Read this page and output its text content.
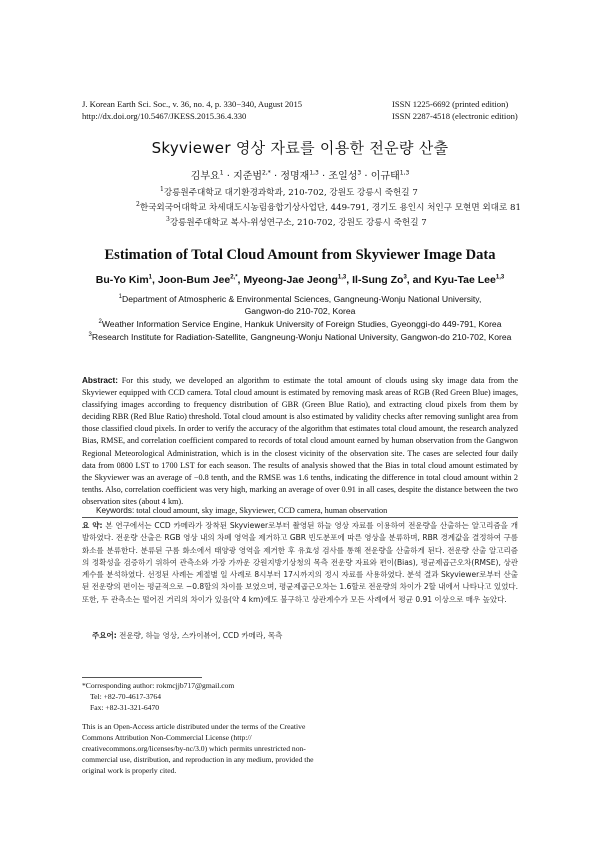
J. Korean Earth Sci. Soc., v. 36, no. 4, p. 330−340, August 2015
http://dx.doi.org/10.5467/JKESS.2015.36.4.330
ISSN 1225-6692 (printed edition)
ISSN 2287-4518 (electronic edition)
Skyviewer 영상 자료를 이용한 전운량 산출
김부요$^1$ · 지준범$^{2,*}$ · 정명재$^{1,3}$ · 조일성$^3$ · 이규태$^{1,3}$
$^1$강릉원주대학교 대기환경과학과, 210-702, 강원도 강릉시 죽헌길 7
$^2$한국외국어대학교 차세대도시농림융합기상사업단, 449-791, 경기도 용인시 처인구 모현면 외대로 81
$^3$강릉원주대학교 복사-위성연구소, 210-702, 강원도 강릉시 죽헌길 7
Estimation of Total Cloud Amount from Skyviewer Image Data
Bu-Yo Kim$^1$, Joon-Bum Jee$^{2,*}$, Myeong-Jae Jeong$^{1,3}$, Il-Sung Zo$^3$, and Kyu-Tae Lee$^{1,3}$
$^1$Department of Atmospheric & Environmental Sciences, Gangneung-Wonju National University,
Gangwon-do 210-702, Korea
$^2$Weather Information Service Engine, Hankuk University of Foreign Studies, Gyeonggi-do 449-791, Korea
$^3$Research Institute for Radiation-Satellite, Gangneung-Wonju National University, Gangwon-do 210-702, Korea
Abstract: For this study, we developed an algorithm to estimate the total amount of clouds using sky image data from the Skyviewer equipped with CCD camera. Total cloud amount is estimated by removing mask areas of RGB (Red Green Blue) images, classifying images according to frequency distribution of GBR (Green Blue Ratio), and extracting cloud pixels from them by deciding RBR (Red Blue Ratio) threshold. Total cloud amount is also estimated by validity checks after removing sunlight area from those classified cloud pixels. In order to verify the accuracy of the algorithm that estimates total cloud amount, the research analyzed Bias, RMSE, and correlation coefficient compared to records of total cloud amount earned by human observation from the Gangwon Regional Meteorological Administration, which is in the closest vicinity of the observation site. The cases are selected four daily data from 0800 LST to 1700 LST for each season. The results of analysis showed that the Bias in total cloud amount estimated by the Skyviewer was an average of −0.8 tenth, and the RMSE was 1.6 tenths, indicating the difference in total cloud amount within 2 tenths. Also, correlation coefficient was very high, marking an average of over 0.91 in all cases, despite the distance between the two observation sites (about 4 km).
Keywords: total cloud amount, sky image, Skyviewer, CCD camera, human observation
요 약: 본 연구에서는 CCD 카메라가 장착된 Skyviewer로부터 촬영된 하늘 영상 자료를 이용하여 전운량을 산출하는 알고리즘을 개발하였다. 전운량 산출은 RGB 영상 내의 차폐 영역을 제거하고 GBR 빈도분포에 따른 영상을 분류하며, RBR 경계값을 결정하여 구름 화소를 분류한다. 분류된 구름 화소에서 태양광 영역을 제거한 후 유효성 검사를 통해 전운량을 산출하게 된다. 전운량 산출 알고리즘의 정확성을 검증하기 위하여 관측소와 가장 가까운 강원지방기상청의 목측 전운량 자료와 편이(Bias), 평균제곱근오차(RMSE), 상관계수를 분석하였다. 선정된 사례는 계절별 일 사례로 8시부터 17시까지의 정시 자료를 사용하였다. 분석 결과 Skyviewer로부터 산출된 전운량의 편이는 평균적으로 −0.8할의 차이를 보였으며, 평균제곱근오차는 1.6할로 전운량의 차이가 2할 내에서 나타나고 있었다. 또한, 두 관측소는 떨어진 거리의 차이가 있음(약 4 km)에도 불구하고 상관계수가 모든 사례에서 평균 0.91 이상으로 매우 높았다.
주요어: 전운량, 하늘 영상, 스카이뷰어, CCD 카메라, 목측
*Corresponding author: rokmcjjb717@gmail.com
Tel: +82-70-4617-3764
Fax: +82-31-321-6470
This is an Open-Access article distributed under the terms of the Creative Commons Attribution Non-Commercial License (http:// creativecommons.org/licenses/by-nc/3.0) which permits unrestricted non-commercial use, distribution, and reproduction in any medium, provided the original work is properly cited.
